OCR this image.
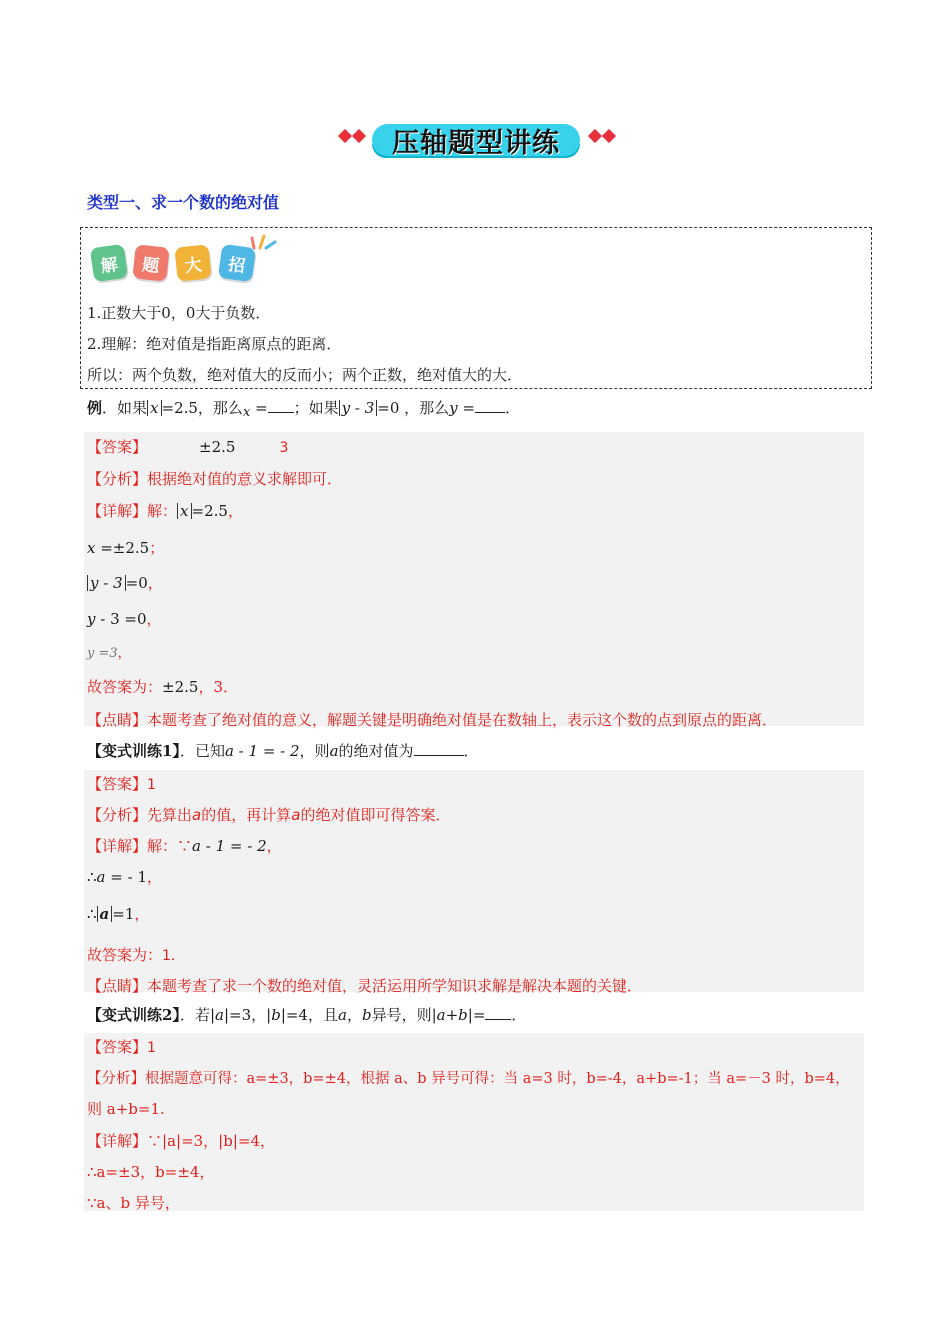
压轴题型讲练
类型一、求一个数的绝对值
解	题	大	招
1.正数大于0，0大于负数．
2.理解：绝对值是指距离原点的距离．
所以：两个负数，绝对值大的反而小；两个正数，绝对值大的大．
例．如果 x =2.5，那么x = ；如果 y - 3 =0 ，那么y = ．
【答案】	±2.5	3
【分析】根据绝对值的意义求解即可．
【详解】解： x =2.5，
x =±2.5；
y - 3 =0，
y - 3 =0，
y =3，
故答案为：±2.5，3．
【点睛】本题考查了绝对值的意义，解题关键是明确绝对值是在数轴上，表示这个数的点到原点的距离．
【变式训练1】．已知a - 1 = - 2，则a的绝对值为	．
【答案】1
【分析】先算出a的值，再计算a的绝对值即可得答案．
【详解】解：∵a - 1 = - 2，
∴a = - 1，
∴ a =1，
故答案为：1．
【点睛】本题考查了求一个数的绝对值，灵活运用所学知识求解是解决本题的关键．
【变式训练2】．若|a|=3，|b|=4，且a，b异号，则|a+b|= ．
【答案】1
【分析】根据题意可得：a=±3，b=±4，根据 a、b 异号可得：当 a=3 时，b=-4，a+b=-1；当 a=－3 时，b=4，
则 a+b=1.
【详解】∵|a|=3，|b|=4，
∴a=±3，b=±4，
∵a、b 异号，
